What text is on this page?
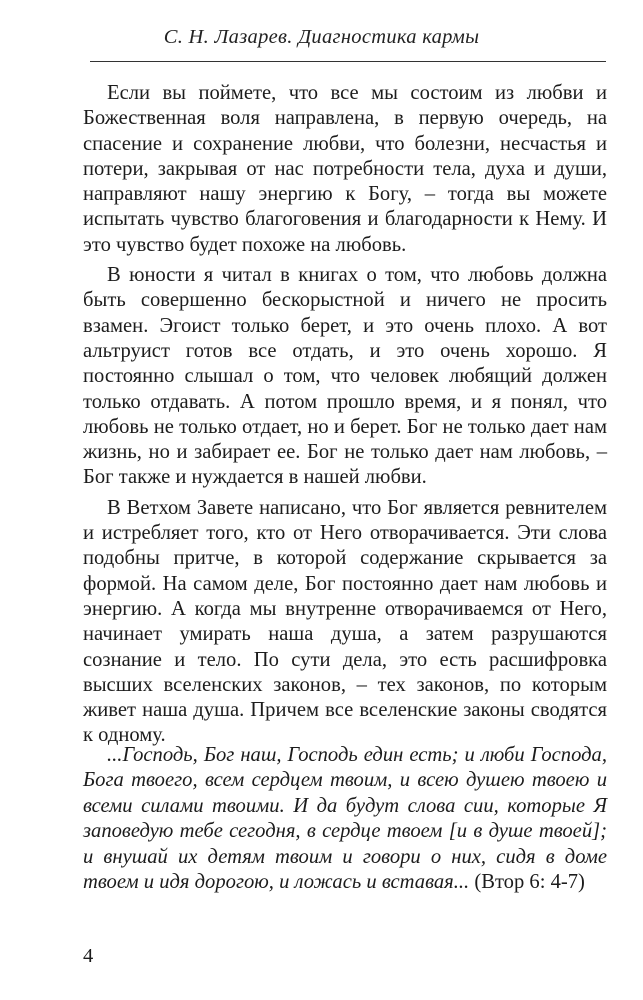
С. Н. Лазарев. Диагностика кармы

Если вы поймете, что все мы состоим из любви и Божественная воля направлена, в первую очередь, на спасение и сохранение любви, что болезни, несчастья и потери, закрывая от нас потребности тела, духа и души, направляют нашу энергию к Богу, – тогда вы можете испытать чувство благоговения и благодарности к Нему. И это чувство будет похоже на любовь.

В юности я читал в книгах о том, что любовь должна быть совершенно бескорыстной и ничего не просить взамен. Эгоист только берет, и это очень плохо. А вот альтруист готов все отдать, и это очень хорошо. Я постоянно слышал о том, что человек любящий должен только отдавать. А потом прошло время, и я понял, что любовь не только отдает, но и берет. Бог не только дает нам жизнь, но и забирает ее. Бог не только дает нам любовь, – Бог также и нуждается в нашей любви.

В Ветхом Завете написано, что Бог является ревнителем и истребляет того, кто от Него отворачивается. Эти слова подобны притче, в которой содержание скрывается за формой. На самом деле, Бог постоянно дает нам любовь и энергию. А когда мы внутренне отворачиваемся от Него, начинает умирать наша душа, а затем разрушаются сознание и тело. По сути дела, это есть расшифровка высших вселенских законов, – тех законов, по которым живет наша душа. Причем все вселенские законы сводятся к одному.

...Господь, Бог наш, Господь един есть; и люби Господа, Бога твоего, всем сердцем твоим, и всею душею твоею и всеми силами твоими. И да будут слова сии, которые Я заповедую тебе сегодня, в сердце твоем [и в душе твоей]; и внушай их детям твоим и говори о них, сидя в доме твоем и идя дорогою, и ложась и вставая... (Втор 6: 4-7)

4
